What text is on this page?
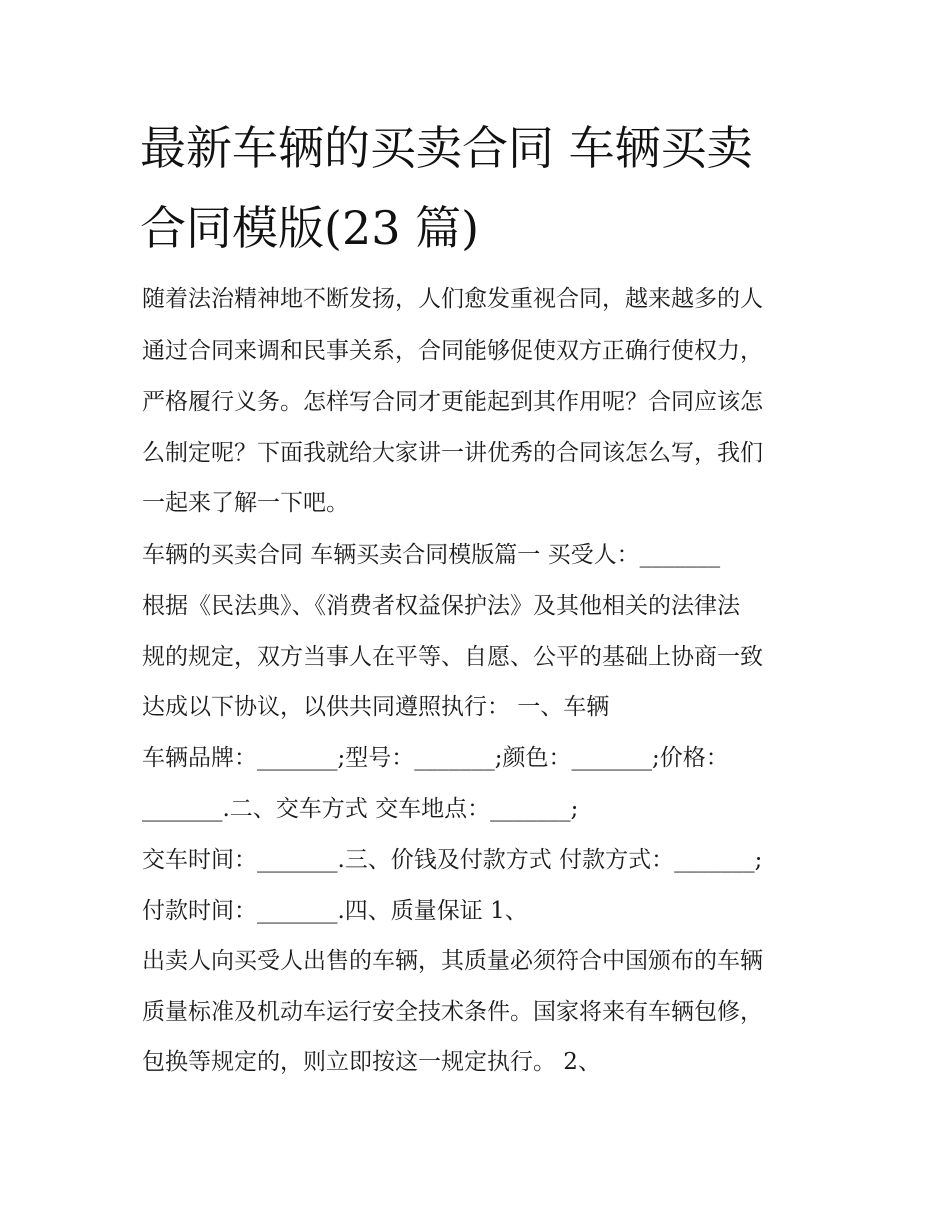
最新车辆的买卖合同 车辆买卖
合同模版(23 篇)

随着法治精神地不断发扬，人们愈发重视合同，越来越多的人

通过合同来调和民事关系，合同能够促使双方正确行使权力，

严格履行义务。怎样写合同才更能起到其作用呢？合同应该怎

么制定呢？下面我就给大家讲一讲优秀的合同该怎么写，我们

一起来了解一下吧。

车辆的买卖合同 车辆买卖合同模版篇一 买受人：_______

根据《民法典》、《消费者权益保护法》及其他相关的法律法

规的规定，双方当事人在平等、自愿、公平的基础上协商一致

达成以下协议，以供共同遵照执行： 一、车辆

车辆品牌：_______;型号：_______;颜色：_______;价格：

_______.二、交车方式 交车地点：_______;

交车时间：_______.三、价钱及付款方式 付款方式：_______;

付款时间：_______.四、质量保证 1、

出卖人向买受人出售的车辆，其质量必须符合中国颁布的车辆

质量标准及机动车运行安全技术条件。国家将来有车辆包修，

包换等规定的，则立即按这一规定执行。 2、
